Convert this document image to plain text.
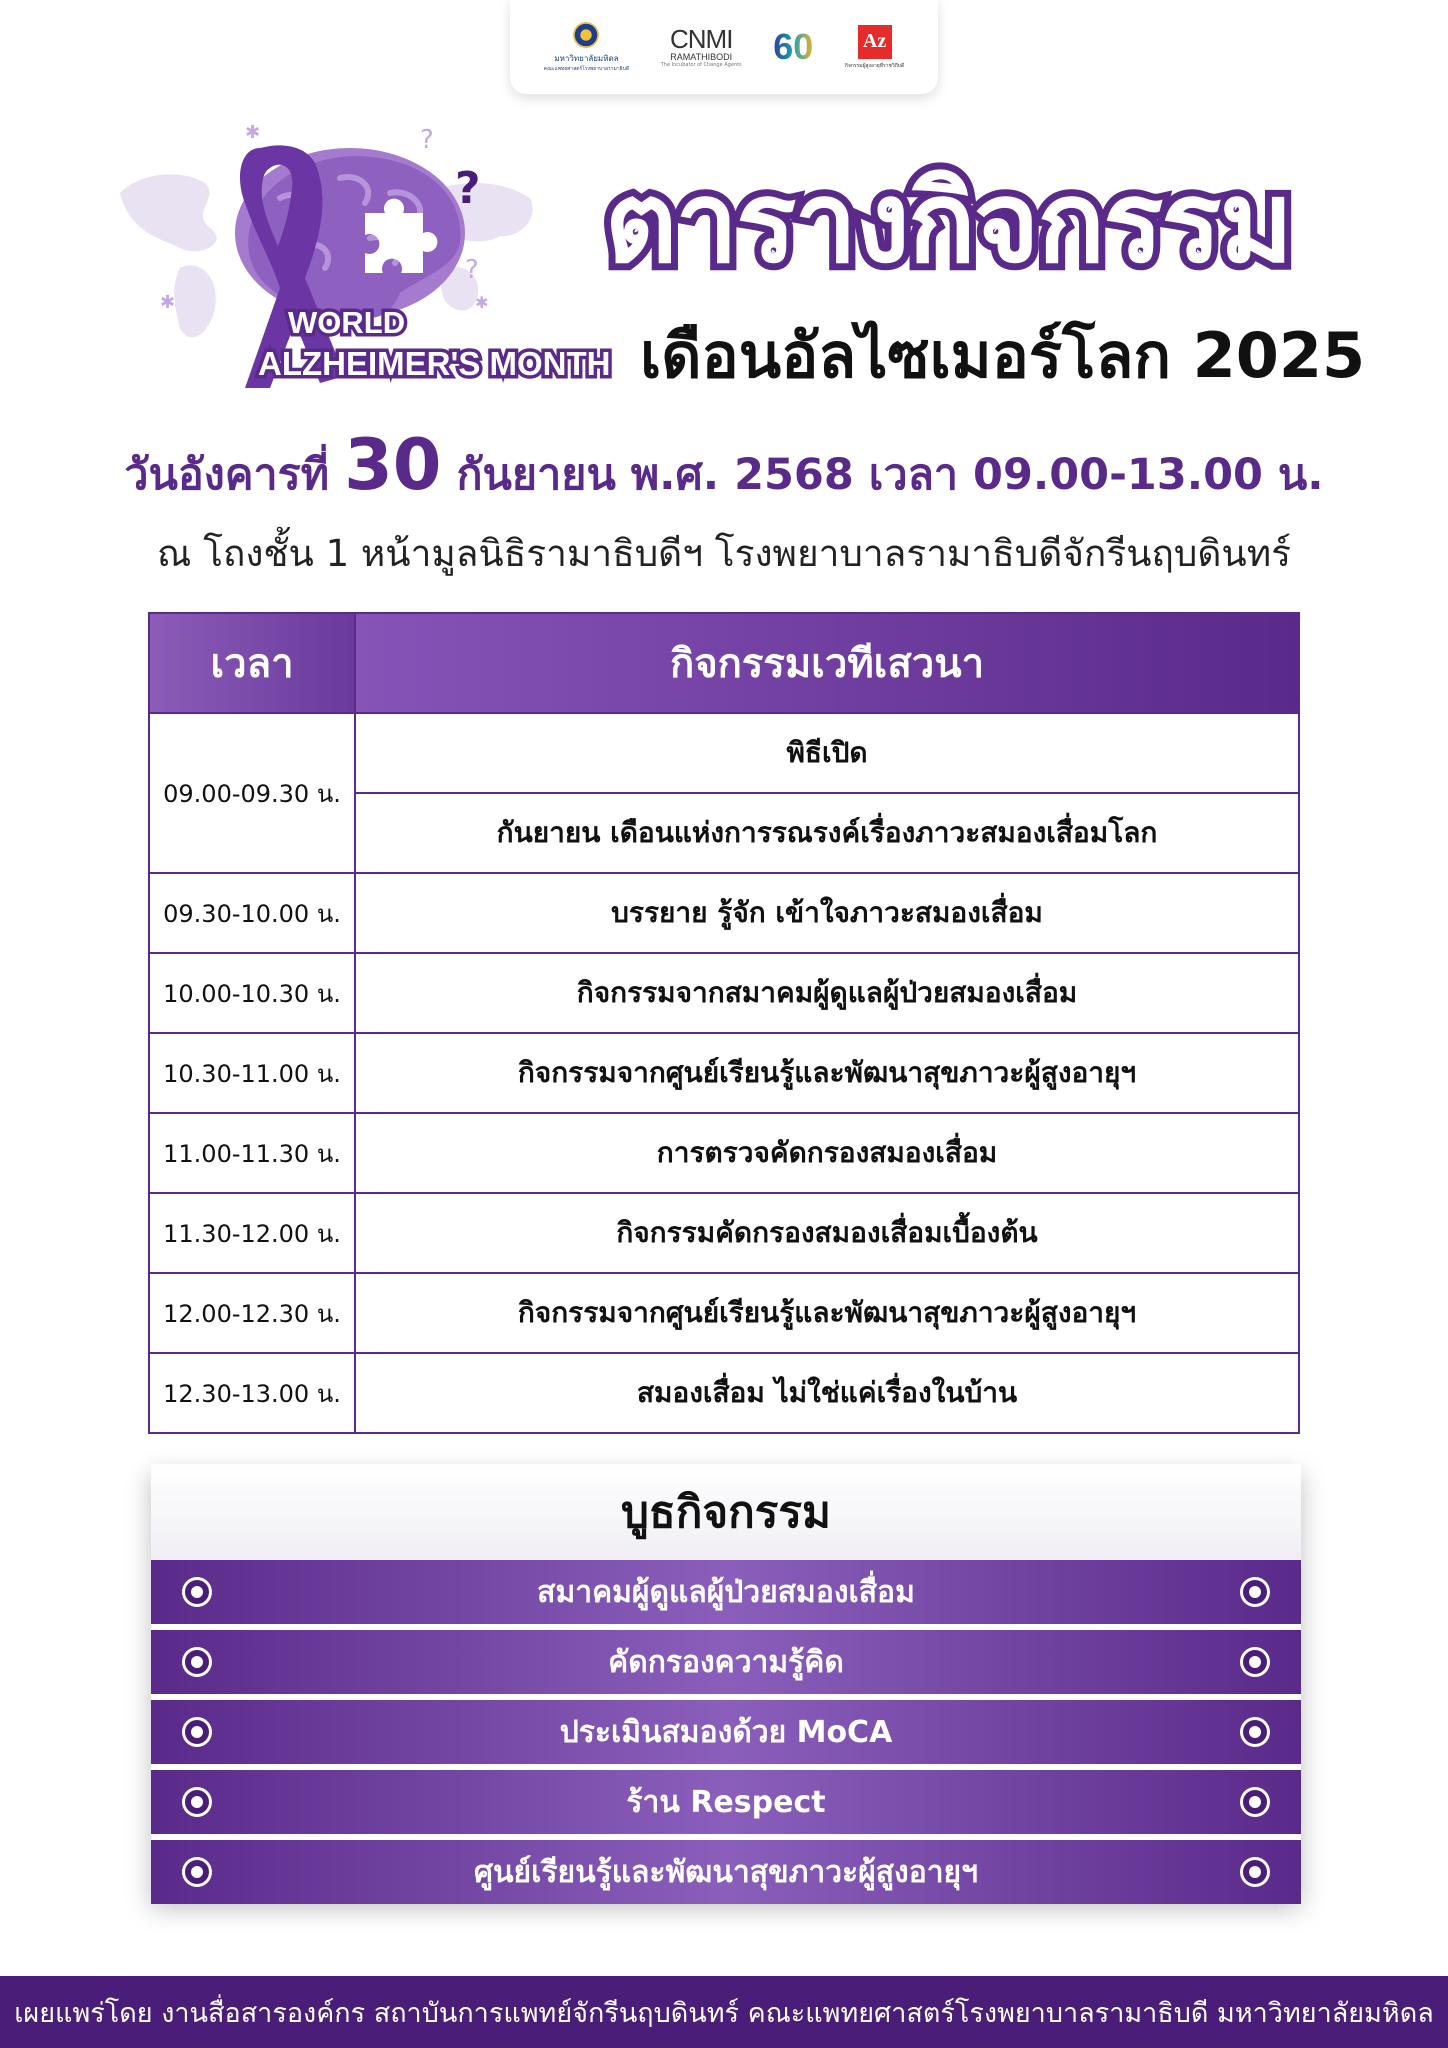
มหาวิทยาลัยมหิดล
คณะแพทยศาสตร์โรงพยาบาลรามาธิบดี
CNMI
RAMATHIBODI
The Incubator of Change Agents 60 Az
กิจกรรมผู้สูงอายุที่ราชวิถีบดี
?
?
?
✱
✱	✱
WORLD
ALZHEIMER'S MONTH
ตารางกิจกรรม
เดือนอัลไซเมอร์โลก 2025
วันอังคารที่ 30 กันยายน พ.ศ. 2568 เวลา 09.00-13.00 น.
ณ โถงชั้น 1 หน้ามูลนิธิรามาธิบดีฯ โรงพยาบาลรามาธิบดีจักรีนฤบดินทร์
เวลา	กิจกรรมเวทีเสวนา
09.00-09.30 น.	พิธีเปิด
	กันยายน เดือนแห่งการรณรงค์เรื่องภาวะสมองเสื่อมโลก
09.30-10.00 น.	บรรยาย รู้จัก เข้าใจภาวะสมองเสื่อม
10.00-10.30 น.	กิจกรรมจากสมาคมผู้ดูแลผู้ป่วยสมองเสื่อม
10.30-11.00 น.	กิจกรรมจากศูนย์เรียนรู้และพัฒนาสุขภาวะผู้สูงอายุฯ
11.00-11.30 น.	การตรวจคัดกรองสมองเสื่อม
11.30-12.00 น.	กิจกรรมคัดกรองสมองเสื่อมเบื้องต้น
12.00-12.30 น.	กิจกรรมจากศูนย์เรียนรู้และพัฒนาสุขภาวะผู้สูงอายุฯ
12.30-13.00 น.	สมองเสื่อม ไม่ใช่แค่เรื่องในบ้าน
บูธกิจกรรม
สมาคมผู้ดูแลผู้ป่วยสมองเสื่อม
คัดกรองความรู้คิด
ประเมินสมองด้วย MoCA
ร้าน Respect
ศูนย์เรียนรู้และพัฒนาสุขภาวะผู้สูงอายุฯ
เผยแพร่โดย งานสื่อสารองค์กร สถาบันการแพทย์จักรีนฤบดินทร์ คณะแพทยศาสตร์โรงพยาบาลรามาธิบดี มหาวิทยาลัยมหิดล
